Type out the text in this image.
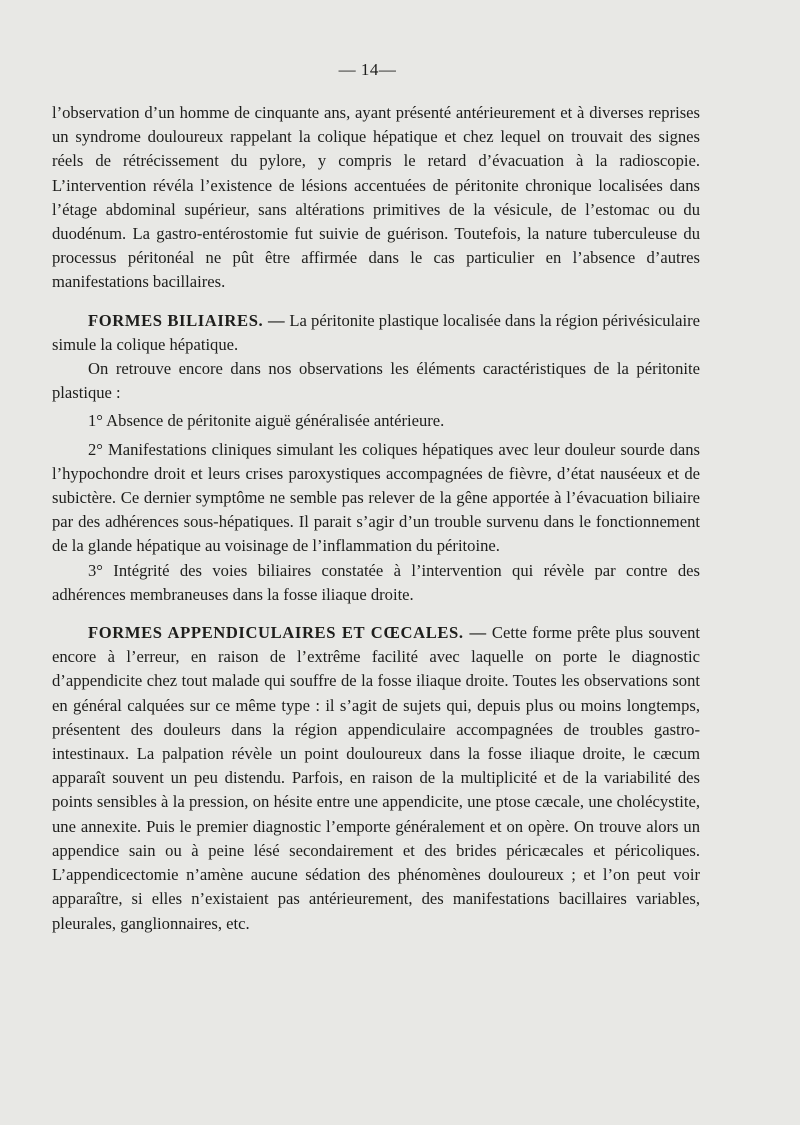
— 14—

l’observation d’un homme de cinquante ans, ayant présenté antérieurement et à diverses reprises un syndrome douloureux rappelant la colique hépatique et chez lequel on trouvait des signes réels de rétrécissement du pylore, y compris le retard d’évacuation à la radioscopie. L’intervention révéla l’existence de lésions accentuées de péritonite chronique localisées dans l’étage abdominal supérieur, sans altérations primitives de la vésicule, de l’estomac ou du duodénum. La gastro-entérostomie fut suivie de guérison. Toutefois, la nature tuberculeuse du processus péritonéal ne pût être affirmée dans le cas particulier en l’absence d’autres manifestations bacillaires.

FORMES BILIAIRES. — La péritonite plastique localisée dans la région périvésiculaire simule la colique hépatique.

On retrouve encore dans nos observations les éléments caractéristiques de la péritonite plastique :

1° Absence de péritonite aiguë généralisée antérieure.

2° Manifestations cliniques simulant les coliques hépatiques avec leur douleur sourde dans l’hypochondre droit et leurs crises paroxystiques accompagnées de fièvre, d’état nauséeux et de subictère. Ce dernier symptôme ne semble pas relever de la gêne apportée à l’évacuation biliaire par des adhérences sous-hépatiques. Il parait s’agir d’un trouble survenu dans le fonctionnement de la glande hépatique au voisinage de l’inflammation du péritoine.

3° Intégrité des voies biliaires constatée à l’intervention qui révèle par contre des adhérences membraneuses dans la fosse iliaque droite.

FORMES APPENDICULAIRES ET CŒCALES. — Cette forme prête plus souvent encore à l’erreur, en raison de l’extrême facilité avec laquelle on porte le diagnostic d’appendicite chez tout malade qui souffre de la fosse iliaque droite. Toutes les observations sont en général calquées sur ce même type : il s’agit de sujets qui, depuis plus ou moins longtemps, présentent des douleurs dans la région appendiculaire accompagnées de troubles gastro-intestinaux. La palpation révèle un point douloureux dans la fosse iliaque droite, le cæcum apparaît souvent un peu distendu. Parfois, en raison de la multiplicité et de la variabilité des points sensibles à la pression, on hésite entre une appendicite, une ptose cæcale, une cholécystite, une annexite. Puis le premier diagnostic l’emporte généralement et on opère. On trouve alors un appendice sain ou à peine lésé secondairement et des brides péricæcales et péricoliques. L’appendicectomie n’amène aucune sédation des phénomènes douloureux ; et l’on peut voir apparaître, si elles n’existaient pas antérieurement, des manifestations bacillaires variables, pleurales, ganglionnaires, etc.
